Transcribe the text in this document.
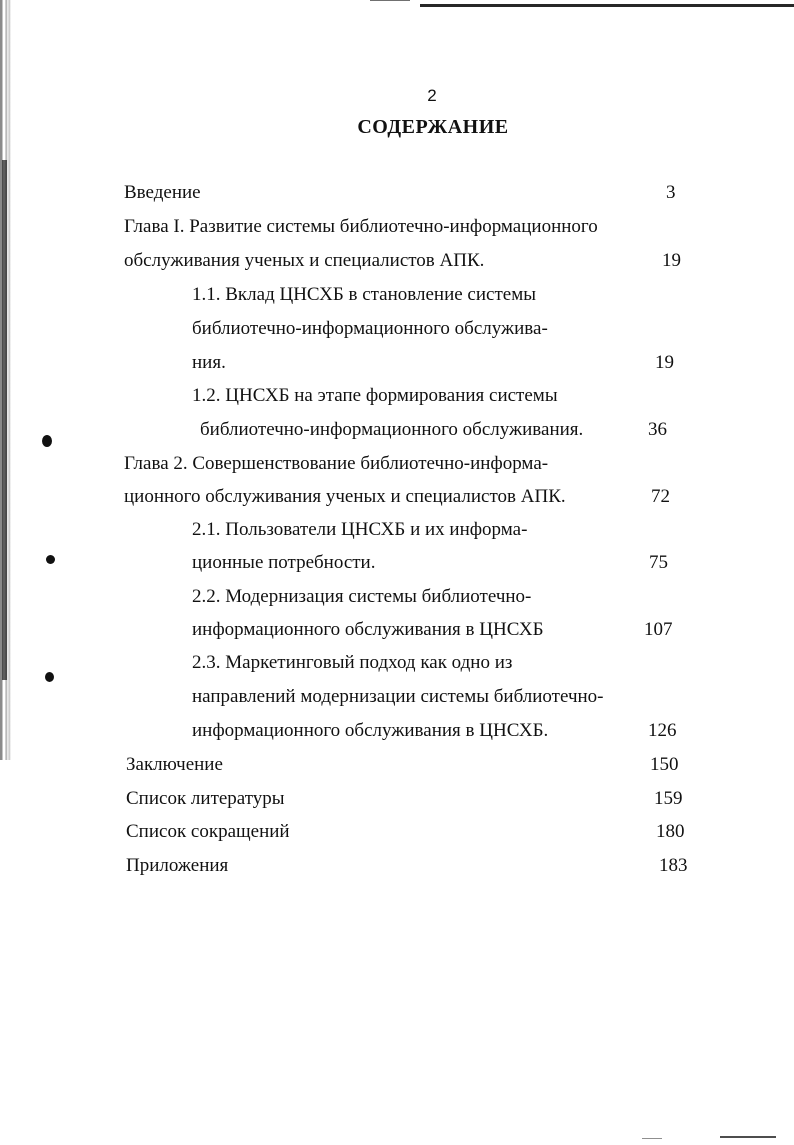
2
СОДЕРЖАНИЕ
Введение	3
Глава I. Развитие системы библиотечно-информационного
обслуживания ученых и специалистов АПК.	19
1.1. Вклад ЦНСХБ в становление системы
библиотечно-информационного обслужива-
ния.	19
1.2. ЦНСХБ на этапе формирования системы
библиотечно-информационного обслуживания.	36
Глава 2. Совершенствование библиотечно-информа-
ционного обслуживания ученых и специалистов АПК.	72
2.1. Пользователи ЦНСХБ и их информа-
ционные потребности.	75
2.2. Модернизация системы библиотечно-
информационного обслуживания в ЦНСХБ	107
2.3. Маркетинговый подход как одно из
направлений модернизации системы библиотечно-
информационного обслуживания в ЦНСХБ.	126
Заключение	150
Список литературы	159
Список сокращений	180
Приложения	183
